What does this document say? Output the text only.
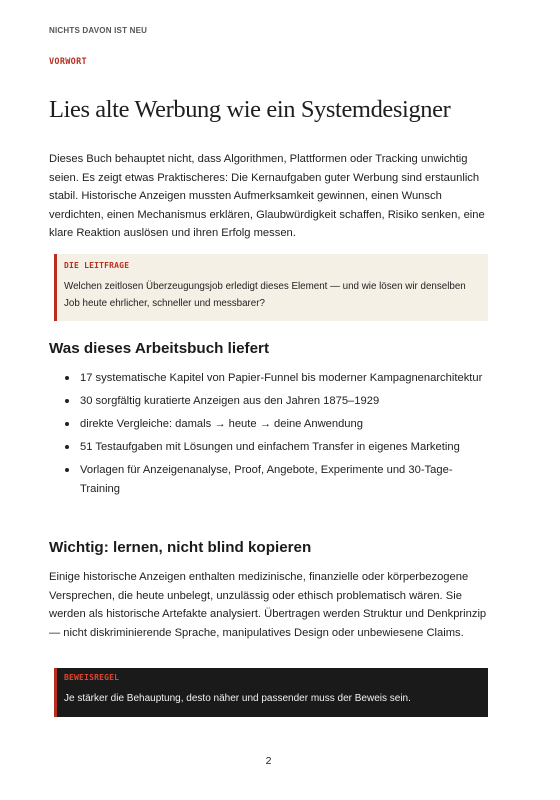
NICHTS DAVON IST NEU
VORWORT
Lies alte Werbung wie ein Systemdesigner

Dieses Buch behauptet nicht, dass Algorithmen, Plattformen oder Tracking unwichtig seien. Es zeigt etwas Praktischeres: Die Kernaufgaben guter Werbung sind erstaunlich stabil. Historische Anzeigen mussten Aufmerksamkeit gewinnen, einen Wunsch verdichten, einen Mechanismus erklären, Glaubwürdigkeit schaffen, Risiko senken, eine klare Reaktion auslösen und ihren Erfolg messen.

DIE LEITFRAGE
Welchen zeitlosen Überzeugungsjob erledigt dieses Element — und wie lösen wir denselben Job heute ehrlicher, schneller und messbarer?
Was dieses Arbeitsbuch liefert
17 systematische Kapitel von Papier-Funnel bis moderner Kampagnenarchitektur
30 sorgfältig kuratierte Anzeigen aus den Jahren 1875–1929
direkte Vergleiche: damals → heute → deine Anwendung
51 Testaufgaben mit Lösungen und einfachem Transfer in eigenes Marketing
Vorlagen für Anzeigenanalyse, Proof, Angebote, Experimente und 30-Tage-Training
Wichtig: lernen, nicht blind kopieren

Einige historische Anzeigen enthalten medizinische, finanzielle oder körperbezogene Versprechen, die heute unbelegt, unzulässig oder ethisch problematisch wären. Sie werden als historische Artefakte analysiert. Übertragen werden Struktur und Denkprinzip — nicht diskriminierende Sprache, manipulatives Design oder unbewiesene Claims.

BEWEISREGEL
Je stärker die Behauptung, desto näher und passender muss der Beweis sein.
2
